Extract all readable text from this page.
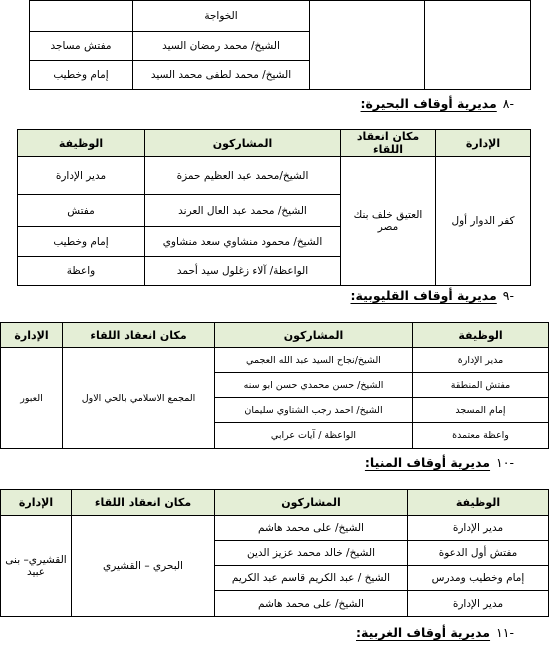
		الخواجة	
		الشيخ/ محمد رمضان السيد	مفتش مساجد
		الشيخ/ محمد لطفى محمد السيد	إمام وخطيب
-٨مديرية أوقاف البحيرة:
الإدارة	مكان انعقاد اللقاء	المشاركون	الوظيفة
كفر الدوار أول	العتيق خلف بنك مصر	الشيخ/محمد عبد العظيم حمزة	مدير الإدارة
		الشيخ/ محمد عبد العال العرند	مفتش
		الشيخ/ محمود منشاوي سعد منشاوي	إمام وخطيب
		الواعظة/ آلاء زغلول سيد أحمد	واعظة
-٩مديرية أوقاف القليوبية:
الوظيفة	المشاركون	مكان انعقاد اللقاء	الإدارة
مدير الإدارة	الشيخ/نجاح السيد عبد الله العجمي	المجمع الاسلامي بالحي الاول	العبور
مفتش المنطقة	الشيخ/ حسن محمدي حسن ابو سنه		
إمام المسجد	الشيخ/ احمد رجب الشتاوي سليمان		
واعظة معتمدة	الواعظة / آيات عرابي		
-١٠مديرية أوقاف المنيا:
الوظيفة	المشاركون	مكان انعقاد اللقاء	الإدارة
مدير الإدارة	الشيخ/ على محمد هاشم	البحري – القشيري	القشيري– بنى عبيد
مفتش أول الدعوة	الشيخ/ خالد محمد عزيز الدين		
إمام وخطيب ومدرس	الشيخ / عبد الكريم قاسم عبد الكريم		
مدير الإدارة	الشيخ/ على محمد هاشم		
-١١مديرية أوقاف الغربية:
